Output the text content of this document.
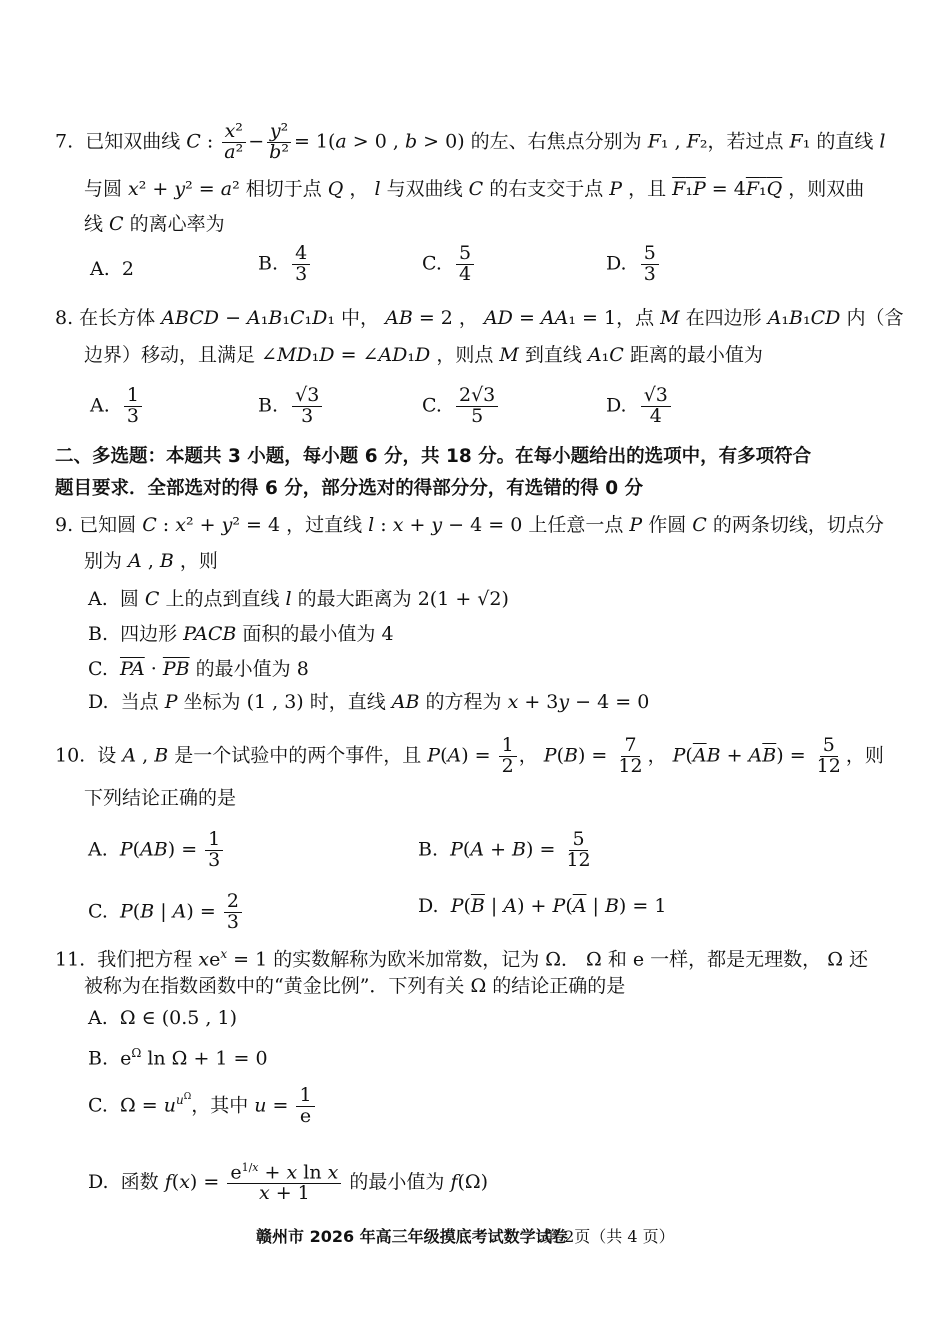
7.  已知双曲线 C : $\frac{\text{x²}}{\text{a²}} - \frac{\text{y²}}{\text{b²}} = 1(a > 0$ , b > 0) 的左、右焦点分别为 F₁ , F₂，若过点 F₁ 的直线 l
与圆 x² + y² = a² 相切于点 Q ， l 与双曲线 C 的右支交于点 P ，且 F₁P = 4F₁Q ，则双曲
线 C 的离心率为
A.  2	B. $\frac{4}{3}$	C. $\frac{5}{4}$	D. $\frac{5}{3}$
8. 在长方体 ABCD − A₁B₁C₁D₁ 中， AB = 2 ， AD = AA₁ = 1，点 M 在四边形 A₁B₁CD 内（含
边界）移动，且满足 ∠MD₁D = ∠AD₁D ，则点 M 到直线 A₁C 距离的最小值为
A. $\frac{1}{3}$	B. $\frac{√3}{3}$	C. $\frac{2√3}{5}$	D. $\frac{√3}{4}$
二、多选题：本题共 3 小题，每小题 6 分，共 18 分。在每小题给出的选项中，有多项符合
题目要求．全部选对的得 6 分，部分选对的得部分分，有选错的得 0 分
9. 已知圆 C : x² + y² = 4 ，过直线 l : x + y − 4 = 0 上任意一点 P 作圆 C 的两条切线，切点分
别为 A , B ，则
A.  圆 C 上的点到直线 l 的最大距离为 2(1 + √2)
B.  四边形 PACB 面积的最小值为 4
C.  $\overline{PA} \cdot \overline{PB}$ 的最小值为 8
D.  当点 P 坐标为 (1 , 3) 时，直线 AB 的方程为 x + 3y − 4 = 0
10.  设 A , B 是一个试验中的两个事件，且 $P(A) = \frac{1}{2}$ ， $P(B) = \frac{7}{12}$ ， $P(\overline{A}B + A\overline{B}) = \frac{5}{12}$ ，则
下列结论正确的是
A.  $P(AB) = \frac{1}{3}$	B.  $P(A + B) = \frac{5}{12}$
C.  P(B | $A) = \frac{2}{3}$	D.  $P(\overline{B}$ | $A) + P(\overline{A}$ | B) = 1
11.  我们把方程 $xe^x = 1$ 的实数解称为欧米加常数，记为 Ω． Ω 和 e 一样，都是无理数， Ω 还
被称为在指数函数中的“黄金比例”．下列有关 Ω 的结论正确的是
A.  Ω ∈ (0.5 , 1)
B.  $e^\Omega$ ln Ω + 1 = 0
C.  $\Omega = u^{u^\Omega}$，其中 $u = \frac{1}{e}$
D.  函数 $f(x) = \frac{e^{1/x} + x \ln x}{x + 1}$ 的最小值为 f(Ω)
赣州市 2026 年高三年级摸底考试数学试卷
第 2页（共 4 页）
